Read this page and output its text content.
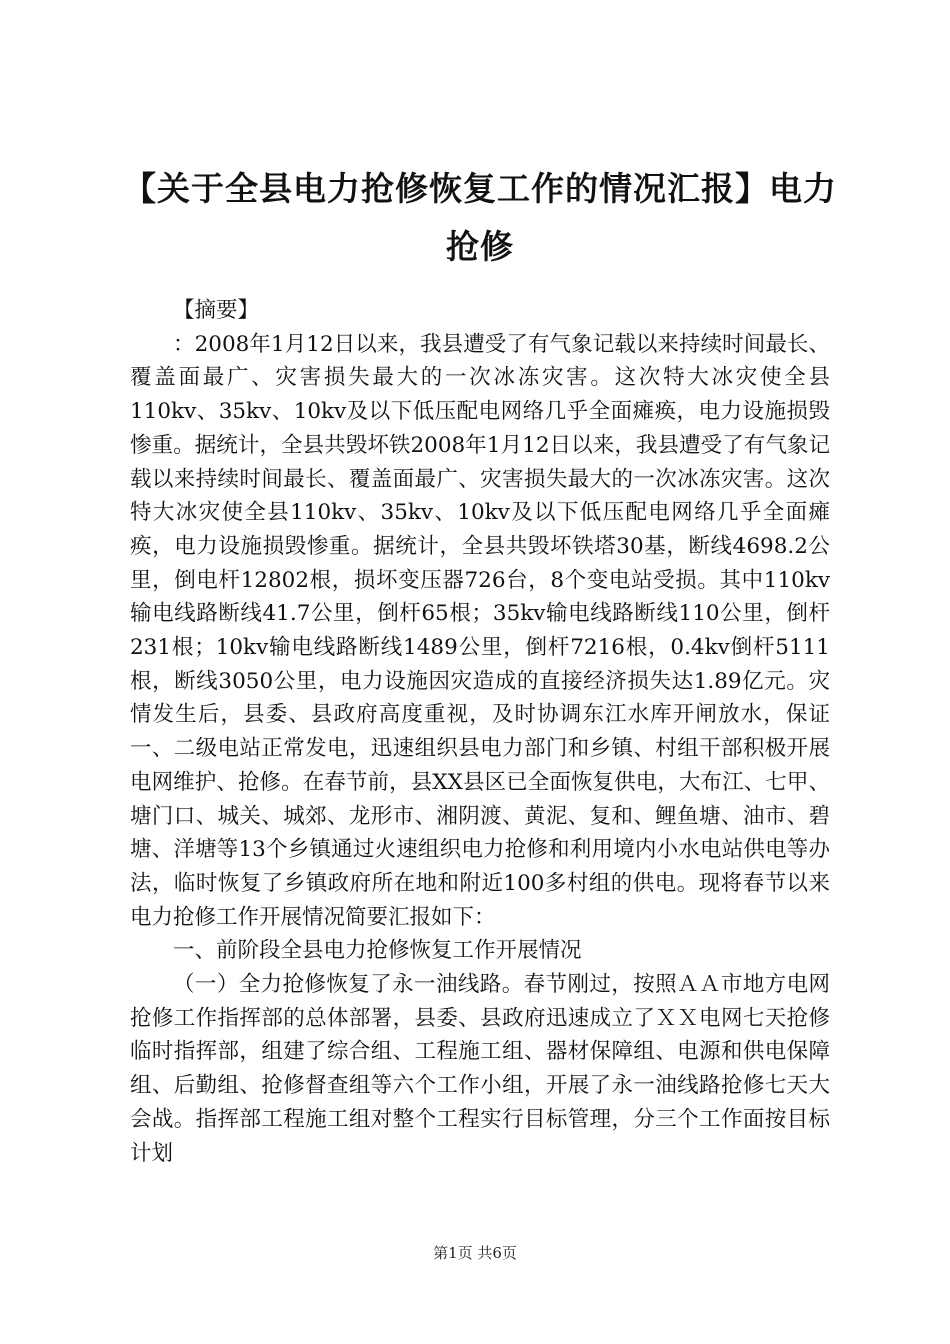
【关于全县电力抢修恢复工作的情况汇报】电力抢修

【摘要】

：2008年1月12日以来，我县遭受了有气象记载以来持续时间最长、覆盖面最广、灾害损失最大的一次冰冻灾害。这次特大冰灾使全县110kv、35kv、10kv及以下低压配电网络几乎全面瘫痪，电力设施损毁惨重。据统计，全县共毁坏铁2008年1月12日以来，我县遭受了有气象记载以来持续时间最长、覆盖面最广、灾害损失最大的一次冰冻灾害。这次特大冰灾使全县110kv、35kv、10kv及以下低压配电网络几乎全面瘫痪，电力设施损毁惨重。据统计，全县共毁坏铁塔30基，断线4698.2公里，倒电杆12802根，损坏变压器726台，8个变电站受损。其中110kv输电线路断线41.7公里，倒杆65根；35kv输电线路断线110公里，倒杆231根；10kv输电线路断线1489公里，倒杆7216根，0.4kv倒杆5111根，断线3050公里，电力设施因灾造成的直接经济损失达1.89亿元。灾情发生后，县委、县政府高度重视，及时协调东江水库开闸放水，保证一、二级电站正常发电，迅速组织县电力部门和乡镇、村组干部积极开展电网维护、抢修。在春节前，县XX县区已全面恢复供电，大布江、七甲、塘门口、城关、城郊、龙形市、湘阴渡、黄泥、复和、鲤鱼塘、油市、碧塘、洋塘等13个乡镇通过火速组织电力抢修和利用境内小水电站供电等办法，临时恢复了乡镇政府所在地和附近100多村组的供电。现将春节以来电力抢修工作开展情况简要汇报如下：

一、前阶段全县电力抢修恢复工作开展情况

（一）全力抢修恢复了永一油线路。春节刚过，按照ＡＡ市地方电网抢修工作指挥部的总体部署，县委、县政府迅速成立了ＸＸ电网七天抢修临时指挥部，组建了综合组、工程施工组、器材保障组、电源和供电保障组、后勤组、抢修督查组等六个工作小组，开展了永一油线路抢修七天大会战。指挥部工程施工组对整个工程实行目标管理，分三个工作面按目标计划

第1页 共6页
